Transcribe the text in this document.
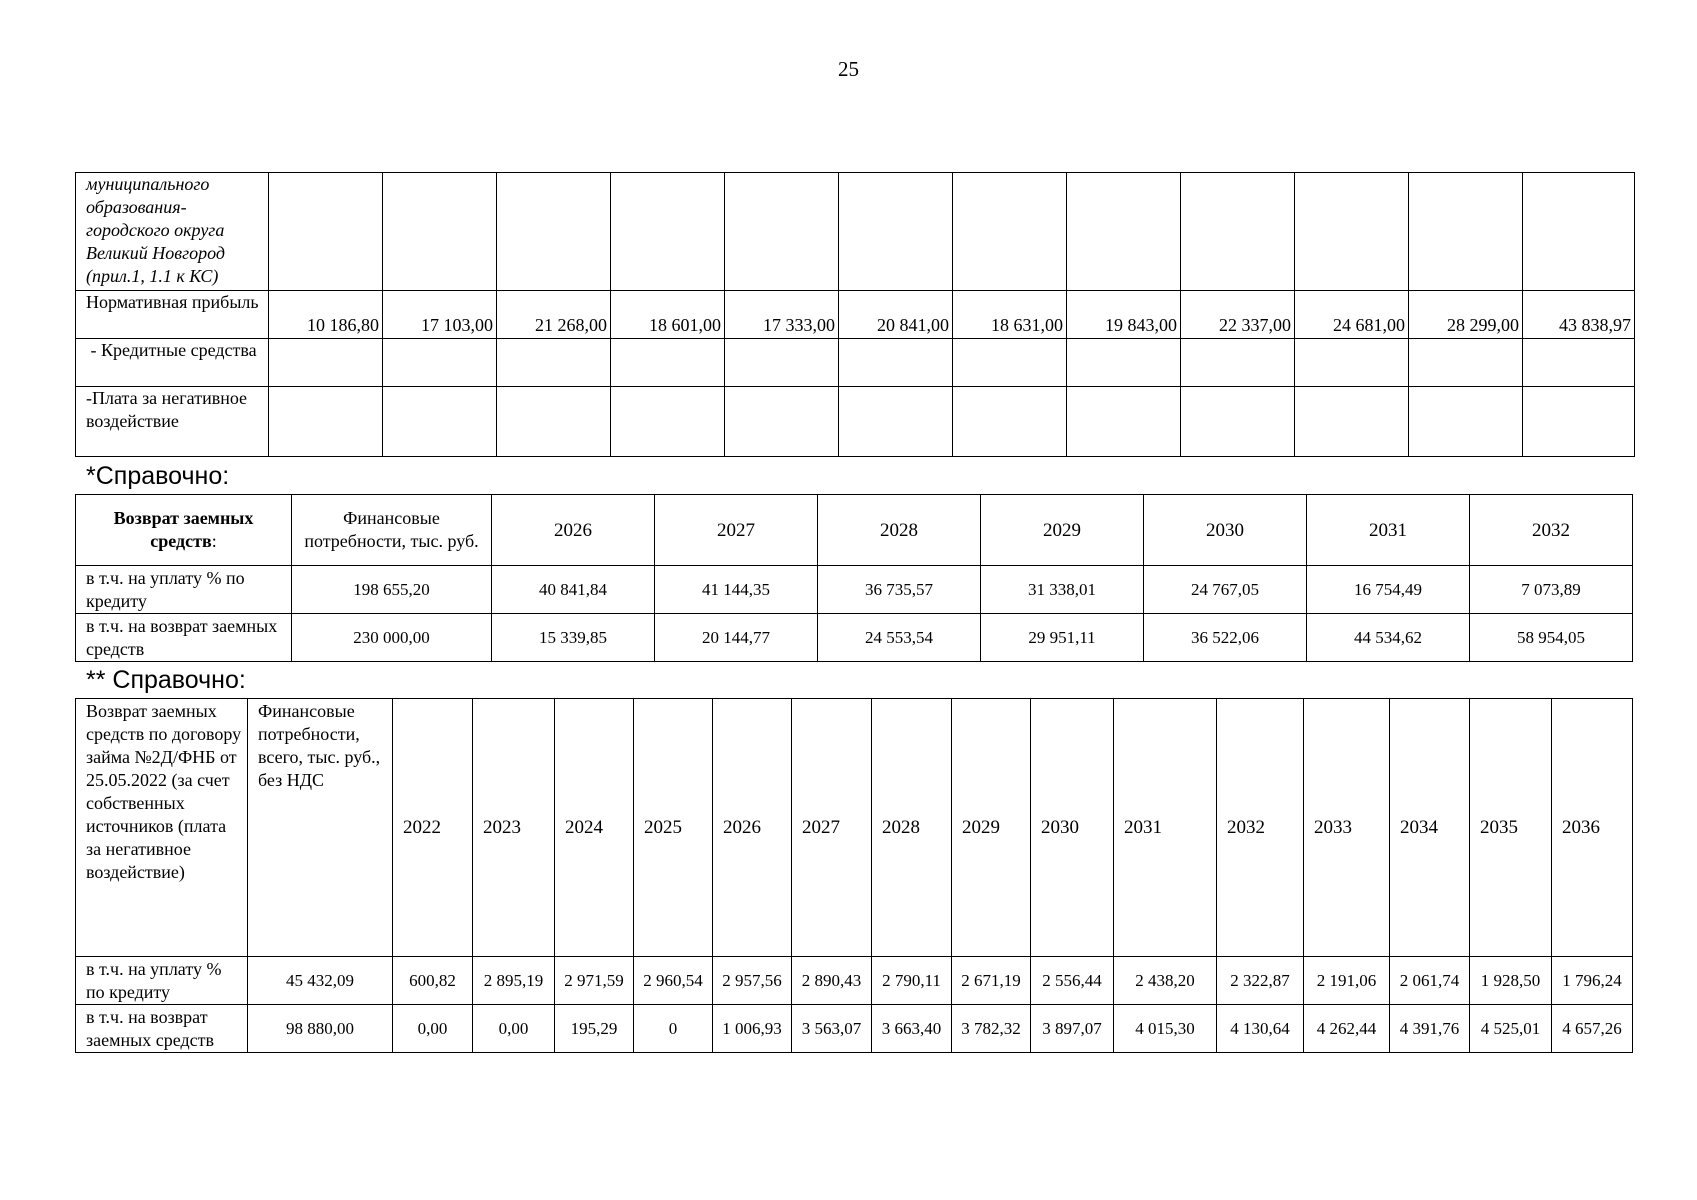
25
муниципального образования-городского округа Великий Новгород (прил.1, 1.1 к КС)												
Нормативная прибыль	10 186,80	17 103,00	21 268,00	18 601,00	17 333,00	20 841,00	18 631,00	19 843,00	22 337,00	24 681,00	28 299,00	43 838,97
- Кредитные средства												
-Плата за негативное воздействие												
*Справочно:
Возврат заемных средств:	Финансовые потребности, тыс. руб.	2026	2027	2028	2029	2030	2031	2032
в т.ч. на уплату % по кредиту	198 655,20	40 841,84	41 144,35	36 735,57	31 338,01	24 767,05	16 754,49	7 073,89
в т.ч. на возврат заемных средств	230 000,00	15 339,85	20 144,77	24 553,54	29 951,11	36 522,06	44 534,62	58 954,05
** Справочно:
Возврат заемных средств по договору займа №2Д/ФНБ от 25.05.2022 (за счет собственных источников (плата за негативное воздействие)	Финансовые потребности, всего, тыс. руб., без НДС	2022	2023	2024	2025	2026	2027	2028	2029	2030	2031	2032	2033	2034	2035	2036
в т.ч. на уплату % по кредиту	45 432,09	600,82	2 895,19	2 971,59	2 960,54	2 957,56	2 890,43	2 790,11	2 671,19	2 556,44	2 438,20	2 322,87	2 191,06	2 061,74	1 928,50	1 796,24
в т.ч. на возврат заемных средств	98 880,00	0,00	0,00	195,29	0	1 006,93	3 563,07	3 663,40	3 782,32	3 897,07	4 015,30	4 130,64	4 262,44	4 391,76	4 525,01	4 657,26
